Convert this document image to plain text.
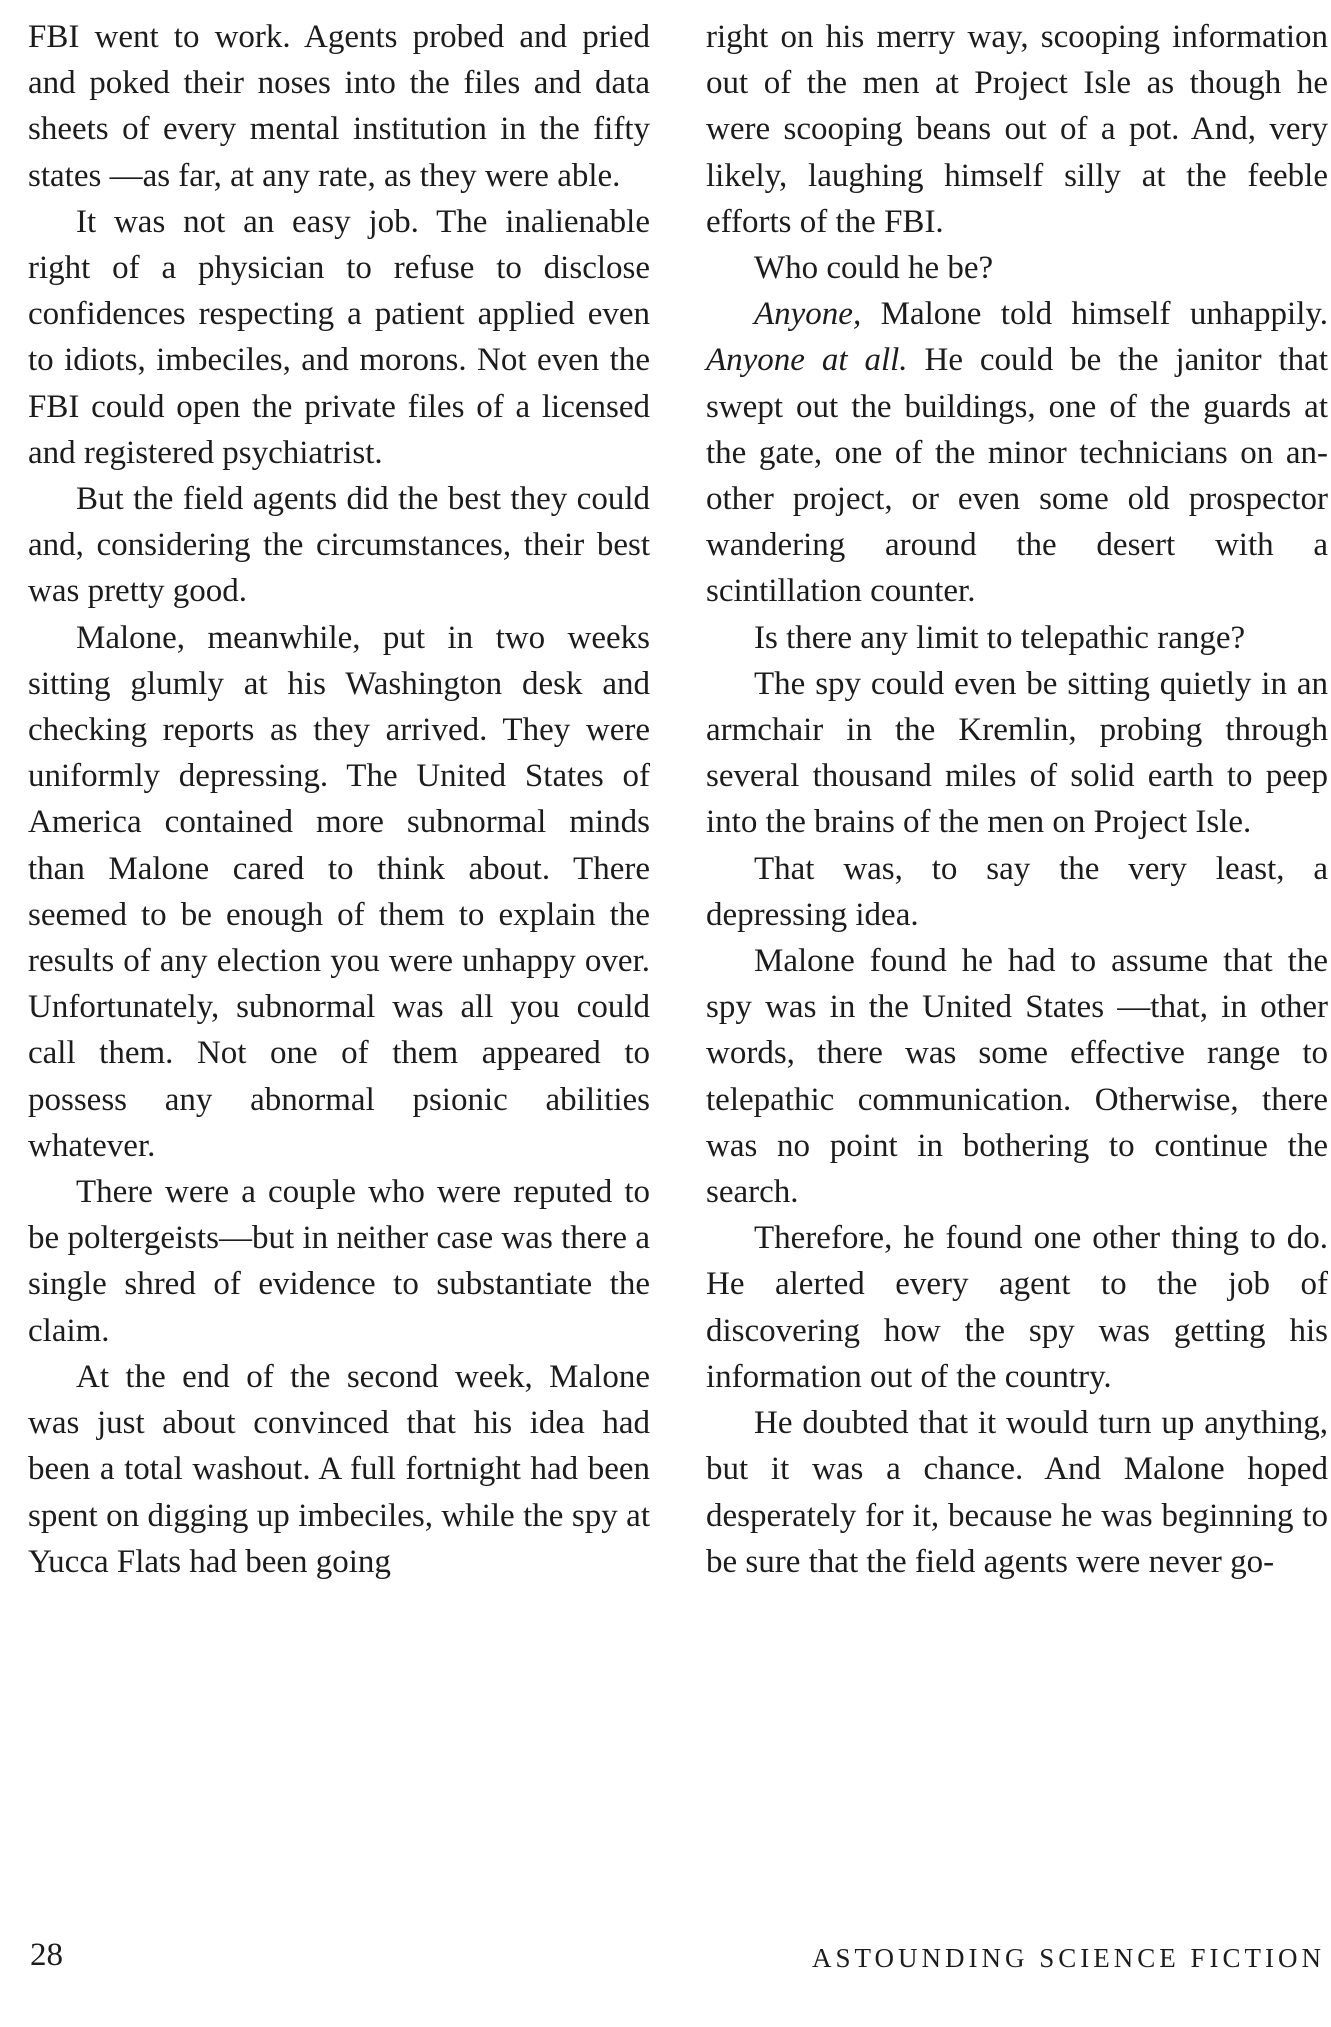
FBI went to work. Agents probed and pried and poked their noses into the files and data sheets of every mental institution in the fifty states —as far, at any rate, as they were able.

It was not an easy job. The inalienable right of a physician to refuse to disclose confidences respecting a patient applied even to idiots, imbeciles, and morons. Not even the FBI could open the private files of a licensed and registered psychiatrist.

But the field agents did the best they could and, considering the circumstances, their best was pretty good.

Malone, meanwhile, put in two weeks sitting glumly at his Washington desk and checking reports as they arrived. They were uniformly depressing. The United States of America contained more subnormal minds than Malone cared to think about. There seemed to be enough of them to explain the results of any election you were unhappy over. Unfortunately, subnormal was all you could call them. Not one of them appeared to possess any abnormal psionic abilities whatever.

There were a couple who were reputed to be poltergeists—but in neither case was there a single shred of evidence to substantiate the claim.

At the end of the second week, Malone was just about convinced that his idea had been a total washout. A full fortnight had been spent on digging up imbeciles, while the spy at Yucca Flats had been going

right on his merry way, scooping information out of the men at Project Isle as though he were scooping beans out of a pot. And, very likely, laughing himself silly at the feeble efforts of the FBI.

Who could he be?

Anyone, Malone told himself unhappily. Anyone at all. He could be the janitor that swept out the buildings, one of the guards at the gate, one of the minor technicians on another project, or even some old prospector wandering around the desert with a scintillation counter.

Is there any limit to telepathic range?

The spy could even be sitting quietly in an armchair in the Kremlin, probing through several thousand miles of solid earth to peep into the brains of the men on Project Isle.

That was, to say the very least, a depressing idea.

Malone found he had to assume that the spy was in the United States —that, in other words, there was some effective range to telepathic communication. Otherwise, there was no point in bothering to continue the search.

Therefore, he found one other thing to do. He alerted every agent to the job of discovering how the spy was getting his information out of the country.

He doubted that it would turn up anything, but it was a chance. And Malone hoped desperately for it, because he was beginning to be sure that the field agents were never go-

28	ASTOUNDING SCIENCE FICTION
